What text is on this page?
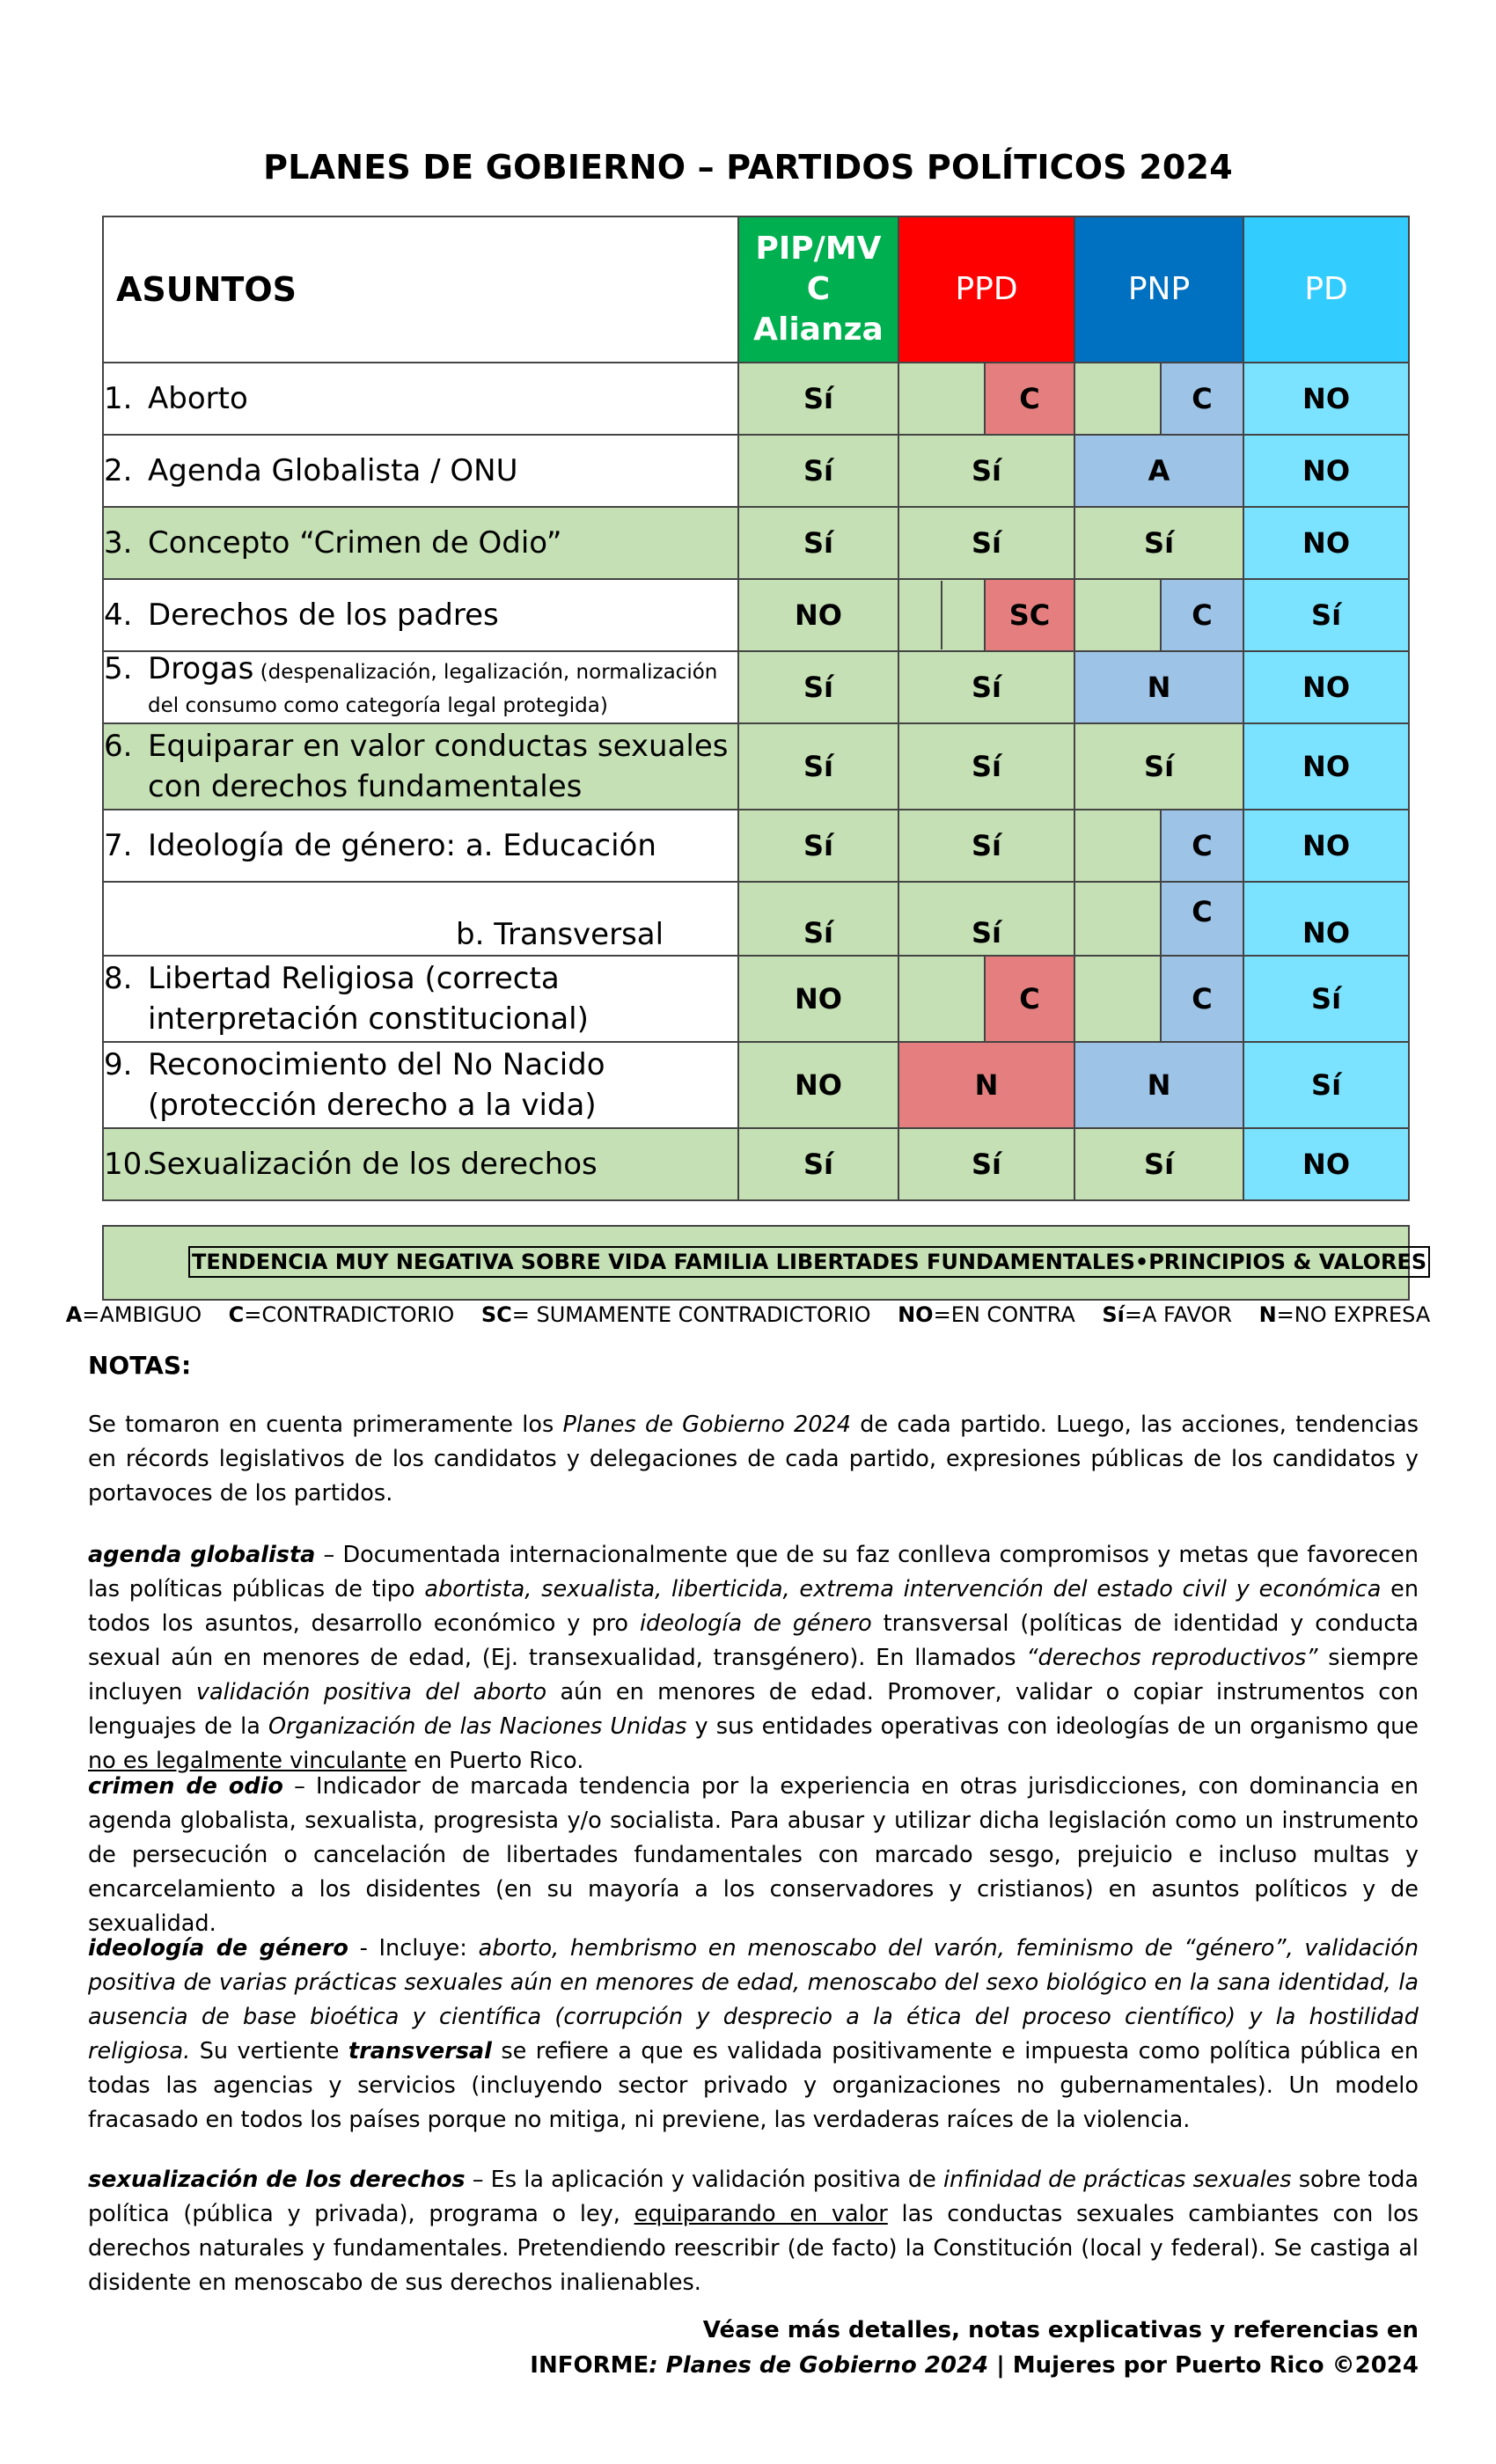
PLANES DE GOBIERNO – PARTIDOS POLÍTICOS 2024
ASUNTOS	PIP/MV
C
Alianza	PPD		PNP		PD
1. Aborto	Sí		C		C	NO
2. Agenda Globalista / ONU	Sí	Sí		A		NO
3. Concepto “Crimen de Odio”	Sí	Sí		Sí		NO
4. Derechos de los padres	NO		SC		C	Sí
5. Drogas (despenalización, legalización, normalización
del consumo como categoría legal protegida)	Sí	Sí		N		NO
6. Equiparar en valor conductas sexuales
con derechos fundamentales	Sí	Sí		Sí		NO
7. Ideología de género: a. Educación	Sí	Sí			C	NO
b. Transversal	Sí	Sí			C	NO
8. Libertad Religiosa (correcta
interpretación constitucional)	NO		C		C	Sí
9. Reconocimiento del No Nacido
(protección derecho a la vida)	NO	N		N		Sí
10.Sexualización de los derechos	Sí	Sí		Sí		NO
TENDENCIA MUY NEGATIVA SOBRE VIDA FAMILIA LIBERTADES FUNDAMENTALES•PRINCIPIOS & VALORES
A=AMBIGUO C=CONTRADICTORIO SC= SUMAMENTE CONTRADICTORIO NO=EN CONTRA Sí=A FAVOR N=NO EXPRESA
NOTAS:
Se tomaron en cuenta primeramente los Planes de Gobierno 2024 de cada partido. Luego, las acciones, tendencias en récords legislativos de los candidatos y delegaciones de cada partido, expresiones públicas de los candidatos y portavoces de los partidos.
agenda globalista – Documentada internacionalmente que de su faz conlleva compromisos y metas que favorecen las políticas públicas de tipo abortista, sexualista, liberticida, extrema intervención del estado civil y económica en todos los asuntos, desarrollo económico y pro ideología de género transversal (políticas de identidad y conducta sexual aún en menores de edad, (Ej. transexualidad, transgénero). En llamados “derechos reproductivos” siempre incluyen validación positiva del aborto aún en menores de edad. Promover, validar o copiar instrumentos con lenguajes de la Organización de las Naciones Unidas y sus entidades operativas con ideologías de un organismo que no es legalmente vinculante en Puerto Rico.
crimen de odio – Indicador de marcada tendencia por la experiencia en otras jurisdicciones, con dominancia en agenda globalista, sexualista, progresista y/o socialista. Para abusar y utilizar dicha legislación como un instrumento de persecución o cancelación de libertades fundamentales con marcado sesgo, prejuicio e incluso multas y encarcelamiento a los disidentes (en su mayoría a los conservadores y cristianos) en asuntos políticos y de sexualidad.
ideología de género - Incluye: aborto, hembrismo en menoscabo del varón, feminismo de “género”, validación positiva de varias prácticas sexuales aún en menores de edad, menoscabo del sexo biológico en la sana identidad, la ausencia de base bioética y científica (corrupción y desprecio a la ética del proceso científico) y la hostilidad religiosa. Su vertiente transversal se refiere a que es validada positivamente e impuesta como política pública en todas las agencias y servicios (incluyendo sector privado y organizaciones no gubernamentales). Un modelo fracasado en todos los países porque no mitiga, ni previene, las verdaderas raíces de la violencia.
sexualización de los derechos – Es la aplicación y validación positiva de infinidad de prácticas sexuales sobre toda política (pública y privada), programa o ley, equiparando en valor las conductas sexuales cambiantes con los derechos naturales y fundamentales. Pretendiendo reescribir (de facto) la Constitución (local y federal). Se castiga al disidente en menoscabo de sus derechos inalienables.
Véase más detalles, notas explicativas y referencias en
INFORME: Planes de Gobierno 2024 | Mujeres por Puerto Rico ©2024
